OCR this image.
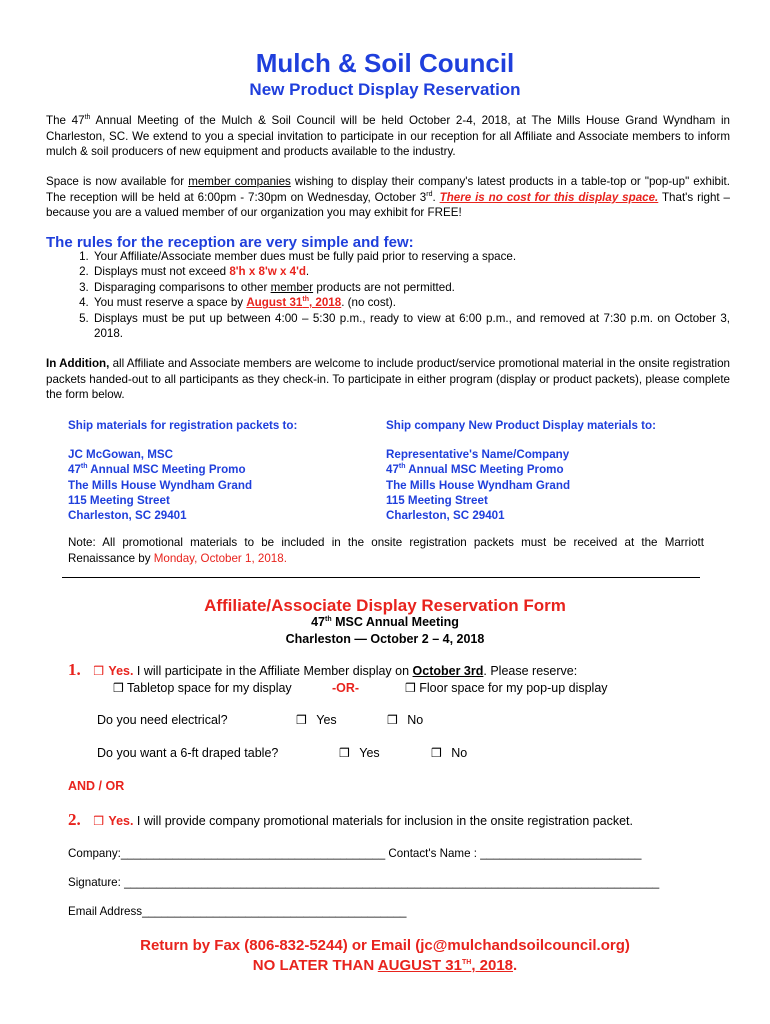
Mulch & Soil Council
New Product Display Reservation
The 47th Annual Meeting of the Mulch & Soil Council will be held October 2-4, 2018, at The Mills House Grand Wyndham in Charleston, SC. We extend to you a special invitation to participate in our reception for all Affiliate and Associate members to inform mulch & soil producers of new equipment and products available to the industry.
Space is now available for member companies wishing to display their company's latest products in a table-top or "pop-up" exhibit. The reception will be held at 6:00pm - 7:30pm on Wednesday, October 3rd. There is no cost for this display space. That's right – because you are a valued member of our organization you may exhibit for FREE!
The rules for the reception are very simple and few:
1. Your Affiliate/Associate member dues must be fully paid prior to reserving a space.
2. Displays must not exceed 8'h x 8'w x 4'd.
3. Disparaging comparisons to other member products are not permitted.
4. You must reserve a space by August 31th, 2018. (no cost).
5. Displays must be put up between 4:00 – 5:30 p.m., ready to view at 6:00 p.m., and removed at 7:30 p.m. on October 3, 2018.
In Addition, all Affiliate and Associate members are welcome to include product/service promotional material in the onsite registration packets handed-out to all participants as they check-in. To participate in either program (display or product packets), please complete the form below.
Ship materials for registration packets to:
JC McGowan, MSC
47th Annual MSC Meeting Promo
The Mills House Wyndham Grand
115 Meeting Street
Charleston, SC 29401
Ship company New Product Display materials to:
Representative's Name/Company
47th Annual MSC Meeting Promo
The Mills House Wyndham Grand
115 Meeting Street
Charleston, SC 29401
Note: All promotional materials to be included in the onsite registration packets must be received at the Marriott Renaissance by Monday, October 1, 2018.
Affiliate/Associate Display Reservation Form
47th MSC Annual Meeting
Charleston — October 2 – 4, 2018
1. ❒ Yes. I will participate in the Affiliate Member display on October 3rd. Please reserve:
❒ Tabletop space for my display	-OR-	❒ Floor space for my pop-up display
Do you need electrical?	❒ Yes	❒ No
Do you want a 6-ft draped table?	❒ Yes	❒ No
AND / OR
2. ❒ Yes. I will provide company promotional materials for inclusion in the onsite registration packet.
Company:_________________________________________ Contact's Name : _________________________
Signature: ___________________________________________________________________________________
Email Address_________________________________________
Return by Fax (806-832-5244) or Email (jc@mulchandsoilcouncil.org)
NO LATER THAN AUGUST 31TH, 2018.
